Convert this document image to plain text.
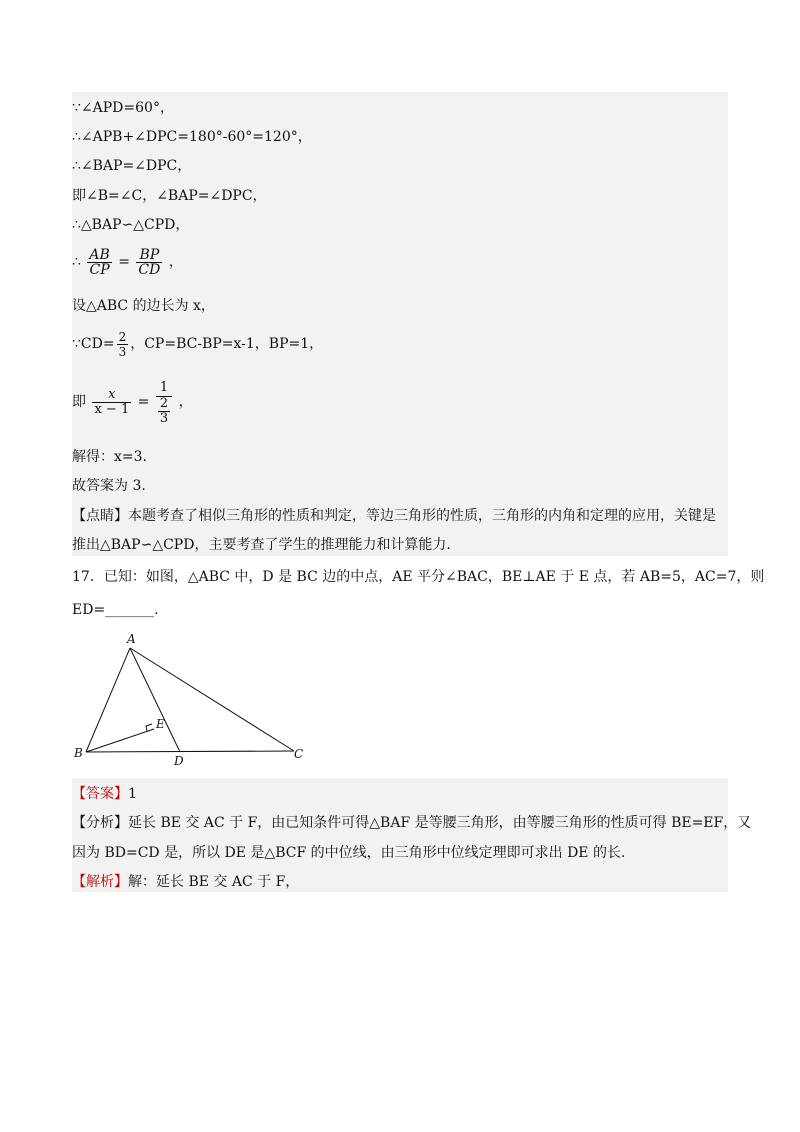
∵∠APD=60°，
∴∠APB+∠DPC=180°-60°=120°，
∴∠BAP=∠DPC，
即∠B=∠C，∠BAP=∠DPC，
∴△BAP∽△CPD，
∴ $\frac{AB}{CP} = \frac{BP}{CD}$ ，
设△ABC 的边长为 x，
∵CD= $\frac{2}{3}$ ，CP=BC-BP=x-1，BP=1，
即 $\frac{x}{x - 1} = \frac{1}{\frac{2}{3}}$ ，
解得：x=3.
故答案为 3.
【点睛】本题考查了相似三角形的性质和判定，等边三角形的性质，三角形的内角和定理的应用，关键是
推出△BAP∽△CPD，主要考查了学生的推理能力和计算能力.
17．已知：如图，△ABC 中，D 是 BC 边的中点，AE 平分∠BAC，BE⊥AE 于 E 点，若 AB=5，AC=7，则
ED=_______.
A
B	C
D
E
【答案】1
【分析】延长 BE 交 AC 于 F，由已知条件可得△BAF 是等腰三角形，由等腰三角形的性质可得 BE=EF，又
因为 BD=CD 是，所以 DE 是△BCF 的中位线，由三角形中位线定理即可求出 DE 的长.
【解析】解：延长 BE 交 AC 于 F，
